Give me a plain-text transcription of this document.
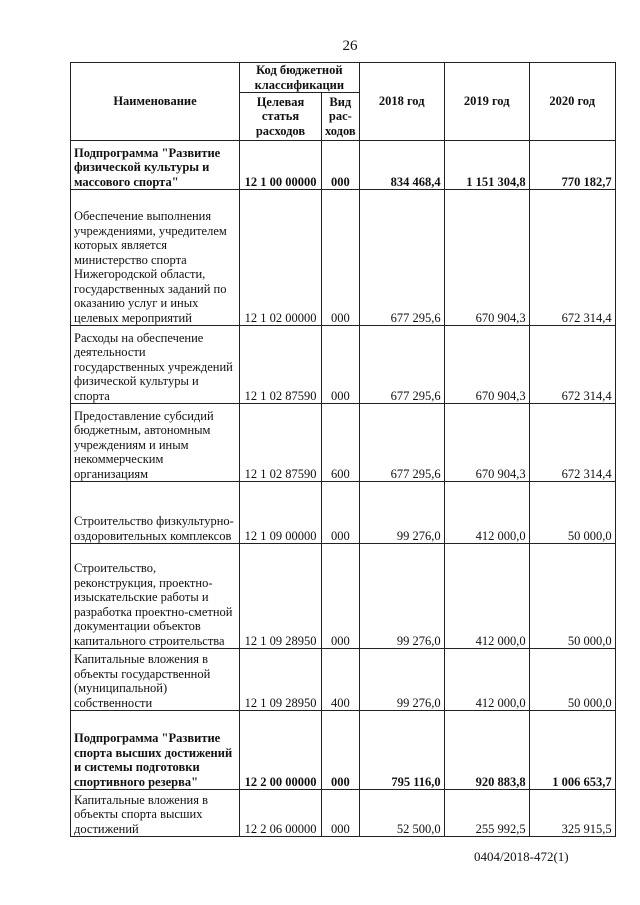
26
Наименование	Код бюджетной классификации		2018 год	2019 год	2020 год
	Целевая статья расходов	Вид рас-ходов			
Подпрограмма "Развитие физической культуры и массового спорта"	12 1 00 00000	000	834 468,4	1 151 304,8	770 182,7
Обеспечение выполнения учреждениями, учредителем которых является министерство спорта Нижегородской области, государственных заданий по оказанию услуг и иных целевых мероприятий	12 1 02 00000	000	677 295,6	670 904,3	672 314,4
Расходы на обеспечение деятельности государственных учреждений физической культуры и спорта	12 1 02 87590	000	677 295,6	670 904,3	672 314,4
Предоставление субсидий бюджетным, автономным учреждениям и иным некоммерческим организациям	12 1 02 87590	600	677 295,6	670 904,3	672 314,4
Строительство физкультурно-оздоровительных комплексов	12 1 09 00000	000	99 276,0	412 000,0	50 000,0
Строительство, реконструкция, проектно-изыскательские работы и разработка проектно-сметной документации объектов капитального строительства	12 1 09 28950	000	99 276,0	412 000,0	50 000,0
Капитальные вложения в объекты государственной (муниципальной) собственности	12 1 09 28950	400	99 276,0	412 000,0	50 000,0
Подпрограмма "Развитие спорта высших достижений и системы подготовки спортивного резерва"	12 2 00 00000	000	795 116,0	920 883,8	1 006 653,7
Капитальные вложения в объекты спорта высших достижений	12 2 06 00000	000	52 500,0	255 992,5	325 915,5
0404/2018-472(1)
